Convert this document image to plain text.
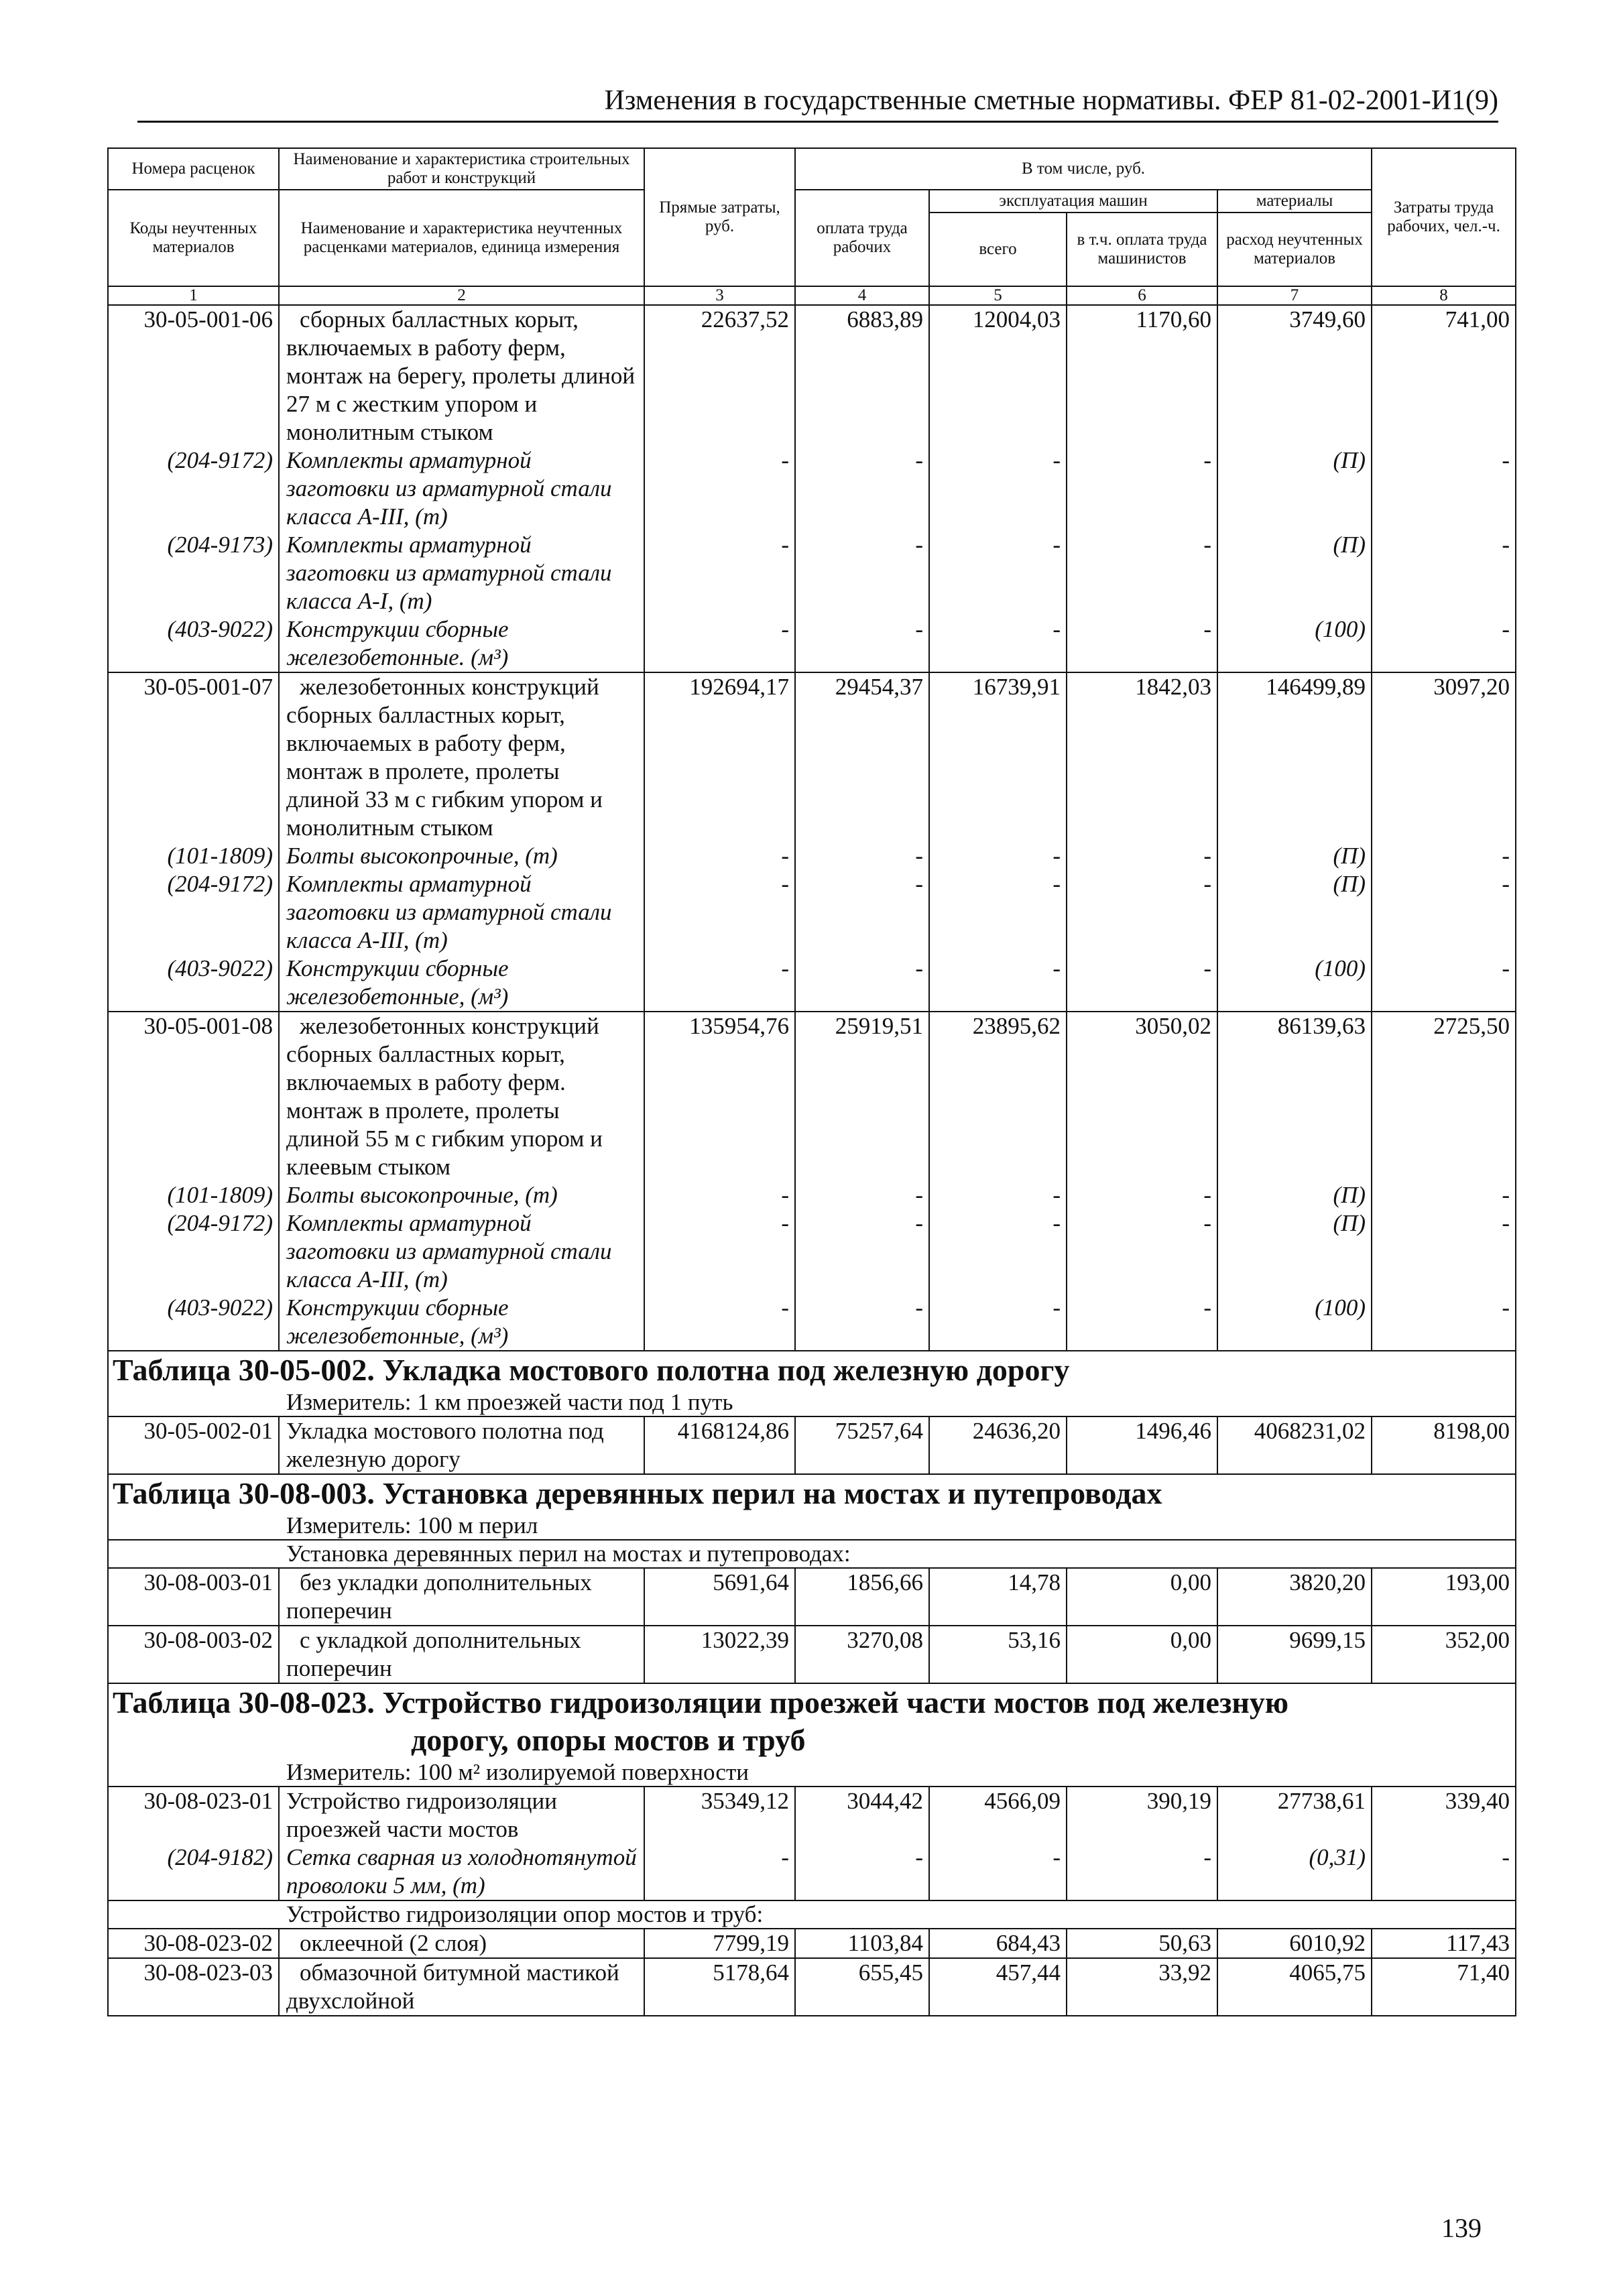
Изменения в государственные сметные нормативы. ФЕР 81-02-2001-И1(9)
Номера расценок	Наименование и характеристика строительных работ и конструкций	Прямые затраты, руб.	В том числе, руб.				Затраты труда рабочих, чел.-ч.
Коды неучтенных материалов	Наименование и характеристика неучтенных расценками материалов, единица измерения		оплата труда рабочих	эксплуатация машин		материалы	
				всего	в т.ч. оплата труда машинистов	расход неучтенных материалов	
1	2	3	4	5	6	7	8
30-05-001-06	сборных балластных корыт, включаемых в работу ферм, монтаж на берегу, пролеты длиной 27 м с жестким упором и монолитным стыком	22637,52	6883,89	12004,03	1170,60	3749,60	741,00
(204-9172)	Комплекты арматурной заготовки из арматурной стали класса А-III, (т)	-	-	-	-	(П)	-
(204-9173)	Комплекты арматурной заготовки из арматурной стали класса А-I, (т)	-	-	-	-	(П)	-
(403-9022)	Конструкции сборные железобетонные. (м³)	-	-	-	-	(100)	-
30-05-001-07	железобетонных конструкций сборных балластных корыт, включаемых в работу ферм, монтаж в пролете, пролеты длиной 33 м с гибким упором и монолитным стыком	192694,17	29454,37	16739,91	1842,03	146499,89	3097,20
(101-1809)	Болты высокопрочные, (т)	-	-	-	-	(П)	-
(204-9172)	Комплекты арматурной заготовки из арматурной стали класса А-III, (т)	-	-	-	-	(П)	-
(403-9022)	Конструкции сборные железобетонные, (м³)	-	-	-	-	(100)	-
30-05-001-08	железобетонных конструкций сборных балластных корыт, включаемых в работу ферм. монтаж в пролете, пролеты длиной 55 м с гибким упором и клеевым стыком	135954,76	25919,51	23895,62	3050,02	86139,63	2725,50
(101-1809)	Болты высокопрочные, (т)	-	-	-	-	(П)	-
(204-9172)	Комплекты арматурной заготовки из арматурной стали класса А-III, (т)	-	-	-	-	(П)	-
(403-9022)	Конструкции сборные железобетонные, (м³)	-	-	-	-	(100)	-
Таблица 30-05-002. Укладка мостового полотна под железную дорогу							
Измеритель: 1 км проезжей части под 1 путь							
30-05-002-01	Укладка мостового полотна под железную дорогу	4168124,86	75257,64	24636,20	1496,46	4068231,02	8198,00
Таблица 30-08-003. Установка деревянных перил на мостах и путепроводах							
Измеритель: 100 м перил							
Установка деревянных перил на мостах и путепроводах:							
30-08-003-01	без укладки дополнительных поперечин	5691,64	1856,66	14,78	0,00	3820,20	193,00
30-08-003-02	с укладкой дополнительных поперечин	13022,39	3270,08	53,16	0,00	9699,15	352,00
Таблица 30-08-023. Устройство гидроизоляции проезжей части мостов под железную
дорогу, опоры мостов и труб							

Измеритель: 100 м² изолируемой поверхности							
30-08-023-01	Устройство гидроизоляции проезжей части мостов	35349,12	3044,42	4566,09	390,19	27738,61	339,40
(204-9182)	Сетка сварная из холоднотянутой проволоки 5 мм, (т)	-	-	-	-	(0,31)	-
Устройство гидроизоляции опор мостов и труб:							
30-08-023-02	оклеечной (2 слоя)	7799,19	1103,84	684,43	50,63	6010,92	117,43
30-08-023-03	обмазочной битумной мастикой двухслойной	5178,64	655,45	457,44	33,92	4065,75	71,40
139
